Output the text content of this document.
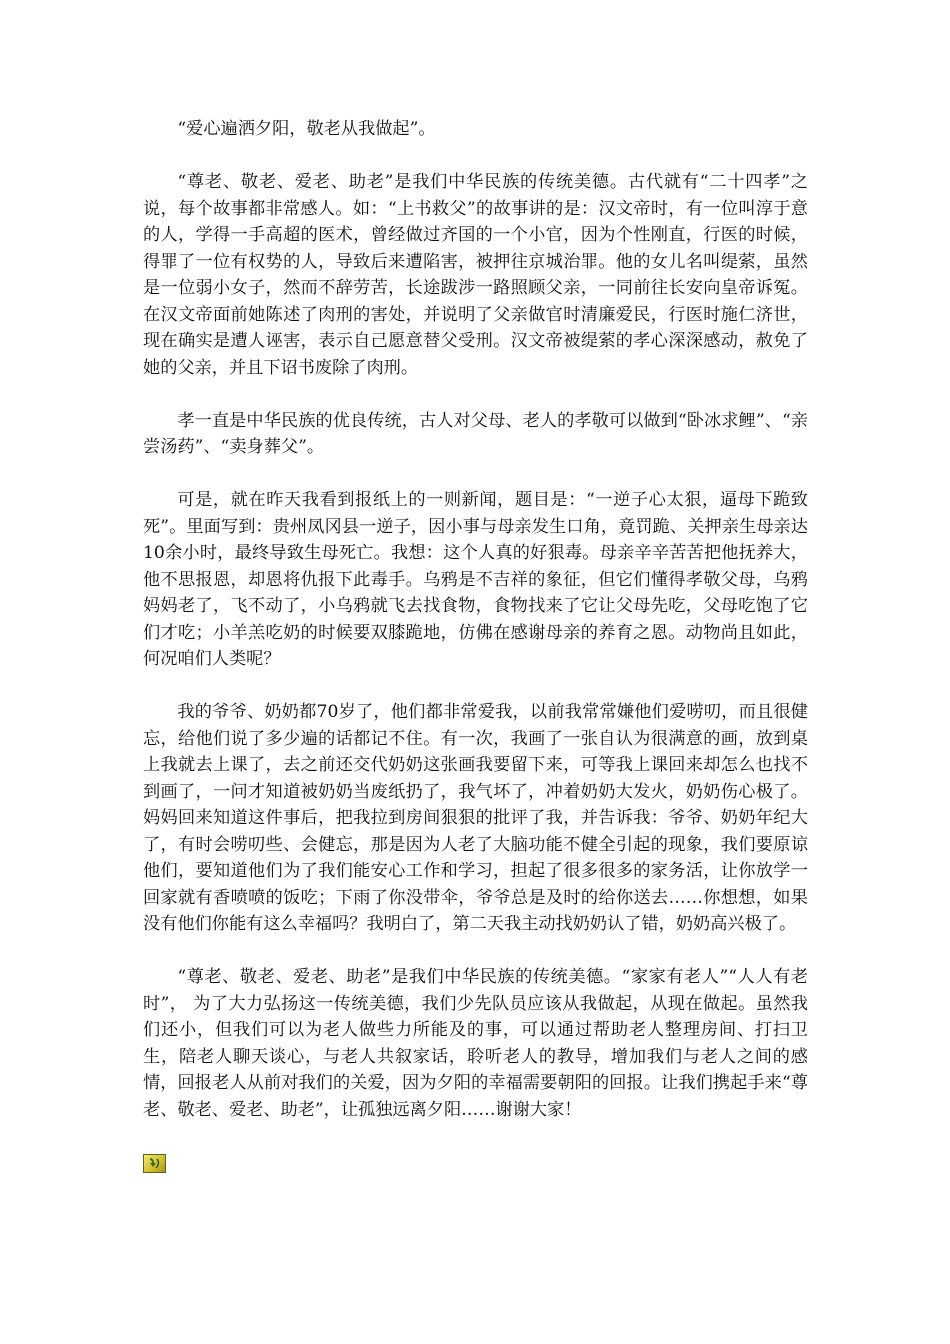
“爱心遍洒夕阳，敬老从我做起”。

“尊老、敬老、爱老、助老”是我们中华民族的传统美德。古代就有“二十四孝”之说，每个故事都非常感人。如：“上书救父”的故事讲的是：汉文帝时，有一位叫淳于意的人，学得一手高超的医术，曾经做过齐国的一个小官，因为个性刚直，行医的时候，得罪了一位有权势的人，导致后来遭陷害，被押往京城治罪。他的女儿名叫缇萦，虽然是一位弱小女子，然而不辞劳苦，长途跋涉一路照顾父亲，一同前往长安向皇帝诉冤。在汉文帝面前她陈述了肉刑的害处，并说明了父亲做官时清廉爱民，行医时施仁济世，现在确实是遭人诬害，表示自己愿意替父受刑。汉文帝被缇萦的孝心深深感动，赦免了她的父亲，并且下诏书废除了肉刑。

孝一直是中华民族的优良传统，古人对父母、老人的孝敬可以做到“卧冰求鲤”、“亲尝汤药”、“卖身葬父”。

可是，就在昨天我看到报纸上的一则新闻，题目是：“一逆子心太狠，逼母下跪致死”。里面写到：贵州凤冈县一逆子，因小事与母亲发生口角，竟罚跪、关押亲生母亲达10余小时，最终导致生母死亡。我想：这个人真的好狠毒。母亲辛辛苦苦把他抚养大，他不思报恩，却恩将仇报下此毒手。乌鸦是不吉祥的象征，但它们懂得孝敬父母，乌鸦妈妈老了，飞不动了，小乌鸦就飞去找食物，食物找来了它让父母先吃，父母吃饱了它们才吃；小羊羔吃奶的时候要双膝跪地，仿佛在感谢母亲的养育之恩。动物尚且如此，何况咱们人类呢？

我的爷爷、奶奶都70岁了，他们都非常爱我，以前我常常嫌他们爱唠叨，而且很健忘，给他们说了多少遍的话都记不住。有一次，我画了一张自认为很满意的画，放到桌上我就去上课了，去之前还交代奶奶这张画我要留下来，可等我上课回来却怎么也找不到画了，一问才知道被奶奶当废纸扔了，我气坏了，冲着奶奶大发火，奶奶伤心极了。妈妈回来知道这件事后，把我拉到房间狠狠的批评了我，并告诉我：爷爷、奶奶年纪大了，有时会唠叨些、会健忘，那是因为人老了大脑功能不健全引起的现象，我们要原谅他们，要知道他们为了我们能安心工作和学习，担起了很多很多的家务活，让你放学一回家就有香喷喷的饭吃；下雨了你没带伞，爷爷总是及时的给你送去……你想想，如果没有他们你能有这么幸福吗？我明白了，第二天我主动找奶奶认了错，奶奶高兴极了。

“尊老、敬老、爱老、助老”是我们中华民族的传统美德。“家家有老人”“人人有老时”， 为了大力弘扬这一传统美德，我们少先队员应该从我做起，从现在做起。虽然我们还小，但我们可以为老人做些力所能及的事，可以通过帮助老人整理房间、打扫卫生，陪老人聊天谈心，与老人共叙家话，聆听老人的教导，增加我们与老人之间的感情，回报老人从前对我们的关爱，因为夕阳的幸福需要朝阳的回报。让我们携起手来“尊老、敬老、爱老、助老”，让孤独远离夕阳……谢谢大家！
